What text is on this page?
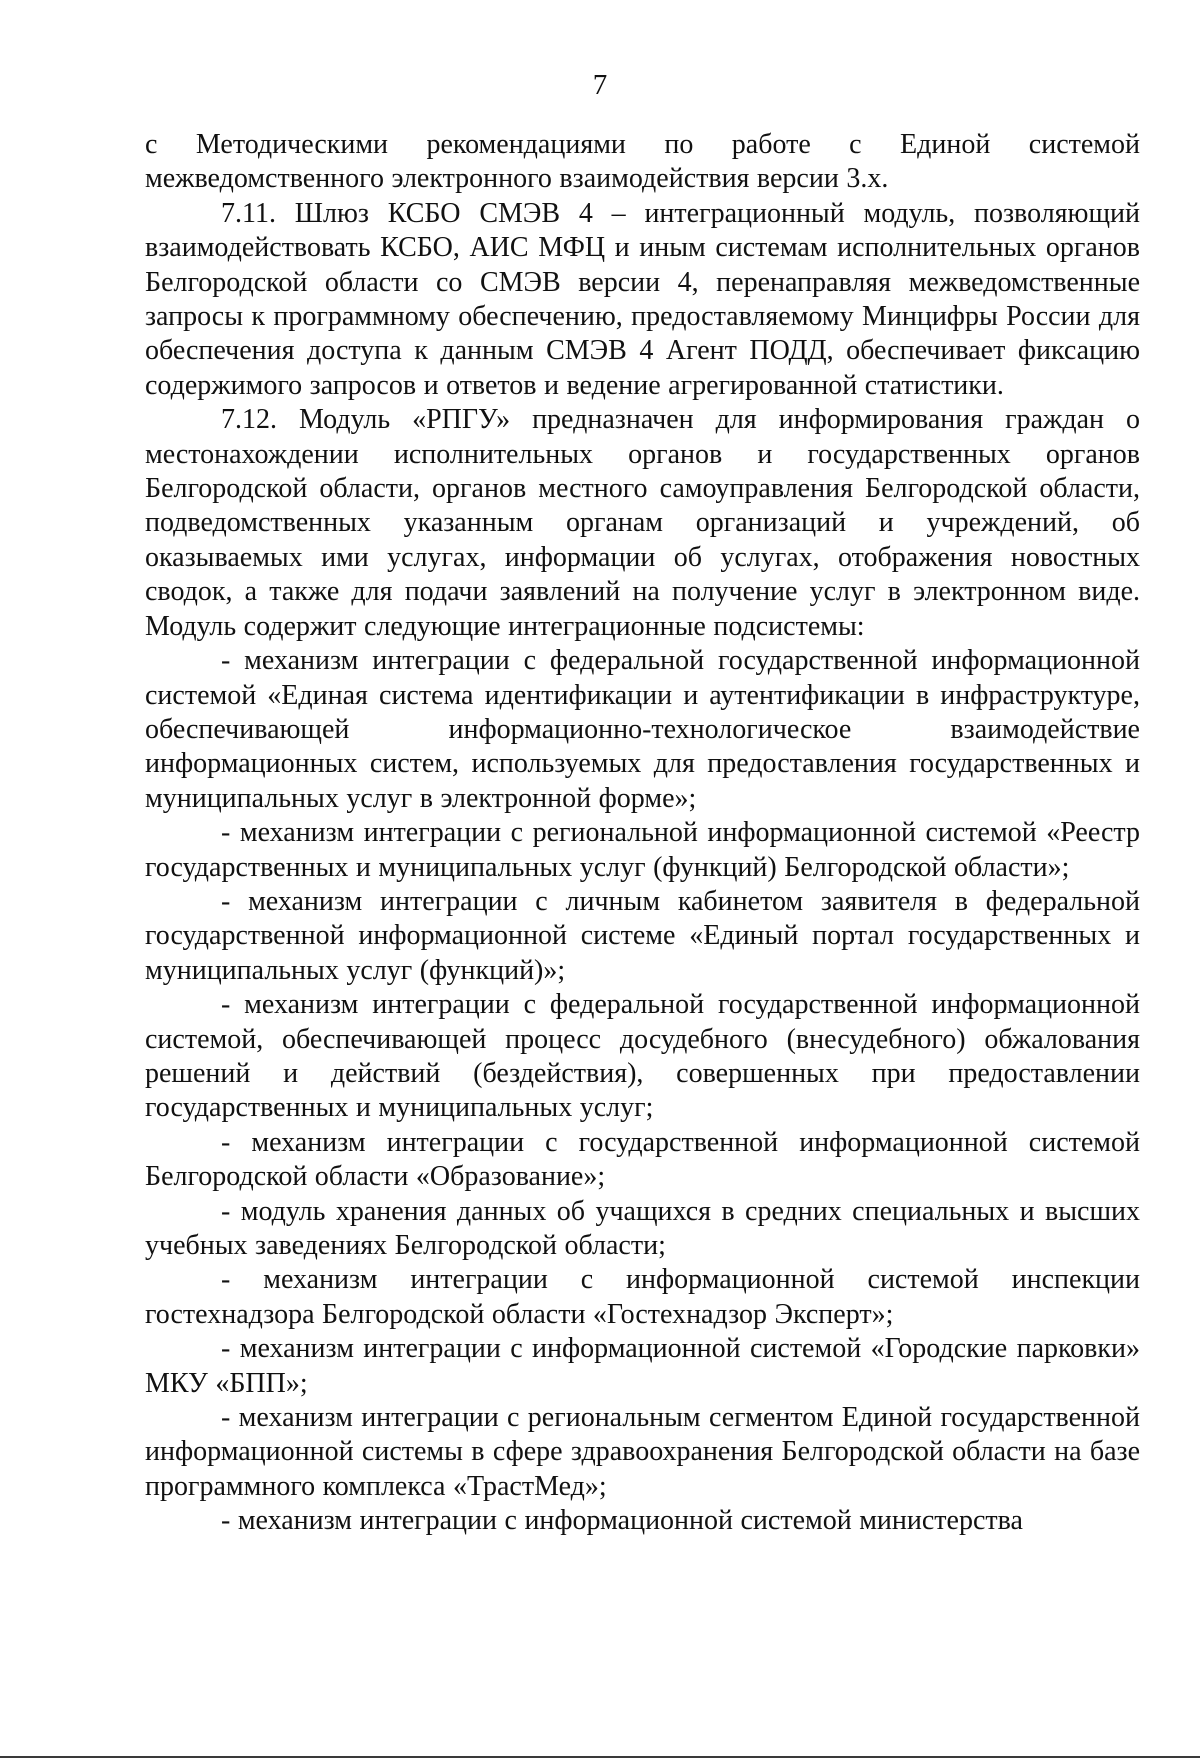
7

с Методическими рекомендациями по работе с Единой системой межведомственного электронного взаимодействия версии 3.х.

7.11. Шлюз КСБО СМЭВ 4 – интеграционный модуль, позволяющий взаимодействовать КСБО, АИС МФЦ и иным системам исполнительных органов Белгородской области со СМЭВ версии 4, перенаправляя межведомственные запросы к программному обеспечению, предоставляемому Минцифры России для обеспечения доступа к данным СМЭВ 4 Агент ПОДД, обеспечивает фиксацию содержимого запросов и ответов и ведение агрегированной статистики.

7.12. Модуль «РПГУ» предназначен для информирования граждан о местонахождении исполнительных органов и государственных органов Белгородской области, органов местного самоуправления Белгородской области, подведомственных указанным органам организаций и учреждений, об оказываемых ими услугах, информации об услугах, отображения новостных сводок, а также для подачи заявлений на получение услуг в электронном виде. Модуль содержит следующие интеграционные подсистемы:

- механизм интеграции с федеральной государственной информационной системой «Единая система идентификации и аутентификации в инфраструктуре, обеспечивающей информационно-технологическое взаимодействие информационных систем, используемых для предоставления государственных и муниципальных услуг в электронной форме»;

- механизм интеграции с региональной информационной системой «Реестр государственных и муниципальных услуг (функций) Белгородской области»;

- механизм интеграции с личным кабинетом заявителя в федеральной государственной информационной системе «Единый портал государственных и муниципальных услуг (функций)»;

- механизм интеграции с федеральной государственной информационной системой, обеспечивающей процесс досудебного (внесудебного) обжалования решений и действий (бездействия), совершенных при предоставлении государственных и муниципальных услуг;

- механизм интеграции с государственной информационной системой Белгородской области «Образование»;

- модуль хранения данных об учащихся в средних специальных и высших учебных заведениях Белгородской области;

- механизм интеграции с информационной системой инспекции гостехнадзора Белгородской области «Гостехнадзор Эксперт»;

- механизм интеграции с информационной системой «Городские парковки» МКУ «БПП»;

- механизм интеграции с региональным сегментом Единой государственной информационной системы в сфере здравоохранения Белгородской области на базе программного комплекса «ТрастМед»;

- механизм интеграции с информационной системой министерства
